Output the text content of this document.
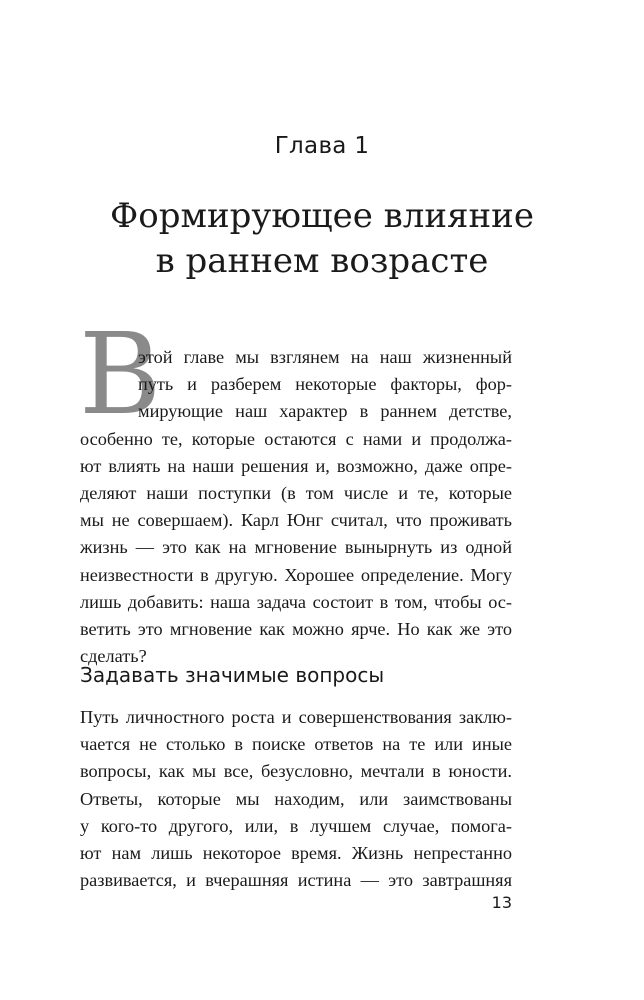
Глава 1
Формирующее влияние
в раннем возрасте
В
этой главе мы взглянем на наш жизненный
путь и разберем некоторые факторы, фор-
мирующие наш характер в раннем детстве,
особенно те, которые остаются с нами и продолжа-
ют влиять на наши решения и, возможно, даже опре-
деляют наши поступки (в том числе и те, которые
мы не совершаем). Карл Юнг считал, что проживать
жизнь — это как на мгновение вынырнуть из одной
неизвестности в другую. Хорошее определение. Могу
лишь добавить: наша задача состоит в том, чтобы ос-
ветить это мгновение как можно ярче. Но как же это
сделать?
Задавать значимые вопросы
Путь личностного роста и совершенствования заклю-
чается не столько в поиске ответов на те или иные
вопросы, как мы все, безусловно, мечтали в юности.
Ответы, которые мы находим, или заимствованы
у кого-то другого, или, в лучшем случае, помога-
ют нам лишь некоторое время. Жизнь непрестанно
развивается, и вчерашняя истина — это завтрашняя
13
